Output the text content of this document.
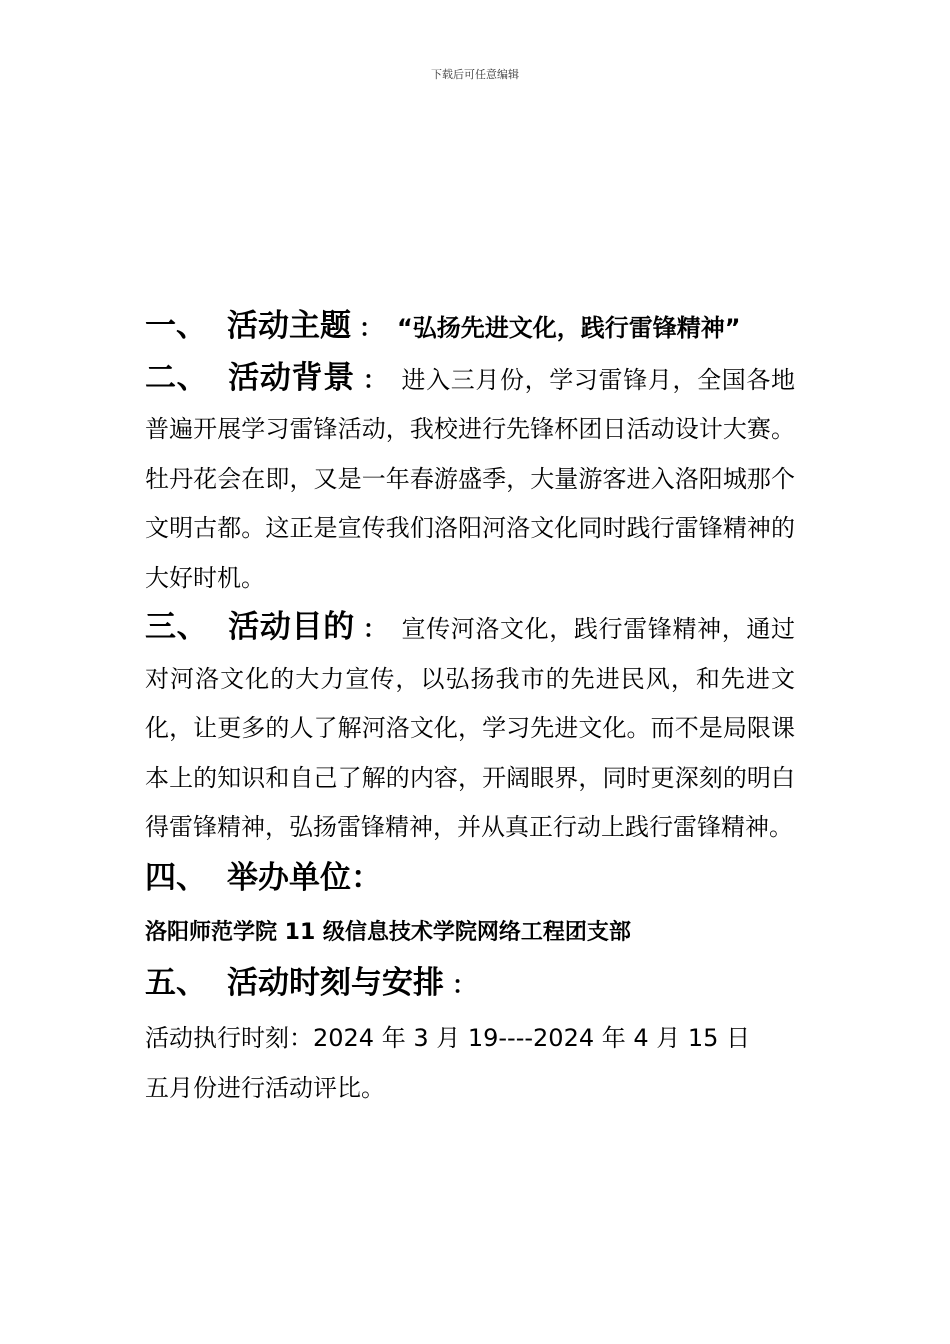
下载后可任意编辑

一、 活动主题 ： “弘扬先进文化，践行雷锋精神”

二、 活动背景 ： 进入三月份，学习雷锋月，全国各地普遍开展学习雷锋活动，我校进行先锋杯团日活动设计大赛。牡丹花会在即，又是一年春游盛季，大量游客进入洛阳城那个文明古都。这正是宣传我们洛阳河洛文化同时践行雷锋精神的大好时机。

三、 活动目的 ： 宣传河洛文化，践行雷锋精神，通过对河洛文化的大力宣传，以弘扬我市的先进民风，和先进文化，让更多的人了解河洛文化，学习先进文化。而不是局限课本上的知识和自己了解的内容，开阔眼界，同时更深刻的明白得雷锋精神，弘扬雷锋精神，并从真正行动上践行雷锋精神。

四、 举办单位：

洛阳师范学院 11 级信息技术学院网络工程团支部

五、 活动时刻与安排 ：

活动执行时刻：2024 年 3 月 19----2024 年 4 月 15 日

五月份进行活动评比。
